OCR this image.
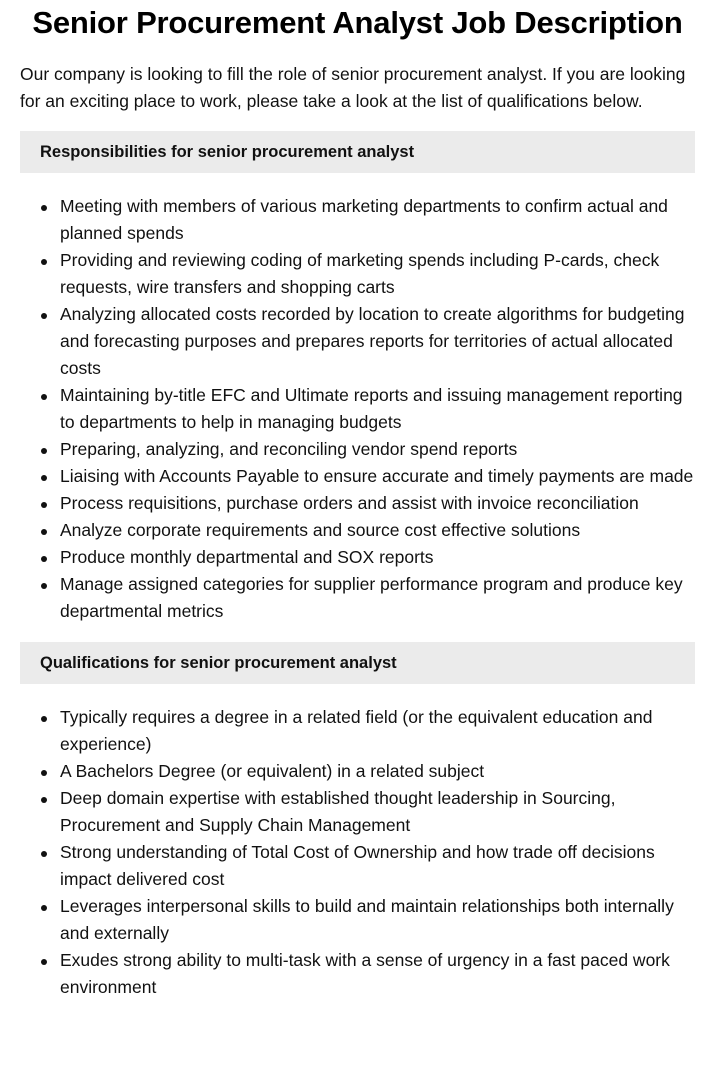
Senior Procurement Analyst Job Description

Our company is looking to fill the role of senior procurement analyst. If you are looking for an exciting place to work, please take a look at the list of qualifications below.

Responsibilities for senior procurement analyst
Meeting with members of various marketing departments to confirm actual and planned spends
Providing and reviewing coding of marketing spends including P-cards, check requests, wire transfers and shopping carts
Analyzing allocated costs recorded by location to create algorithms for budgeting and forecasting purposes and prepares reports for territories of actual allocated costs
Maintaining by-title EFC and Ultimate reports and issuing management reporting to departments to help in managing budgets
Preparing, analyzing, and reconciling vendor spend reports
Liaising with Accounts Payable to ensure accurate and timely payments are made
Process requisitions, purchase orders and assist with invoice reconciliation
Analyze corporate requirements and source cost effective solutions
Produce monthly departmental and SOX reports
Manage assigned categories for supplier performance program and produce key departmental metrics
Qualifications for senior procurement analyst
Typically requires a degree in a related field (or the equivalent education and experience)
A Bachelors Degree (or equivalent) in a related subject
Deep domain expertise with established thought leadership in Sourcing, Procurement and Supply Chain Management
Strong understanding of Total Cost of Ownership and how trade off decisions impact delivered cost
Leverages interpersonal skills to build and maintain relationships both internally and externally
Exudes strong ability to multi-task with a sense of urgency in a fast paced work environment
